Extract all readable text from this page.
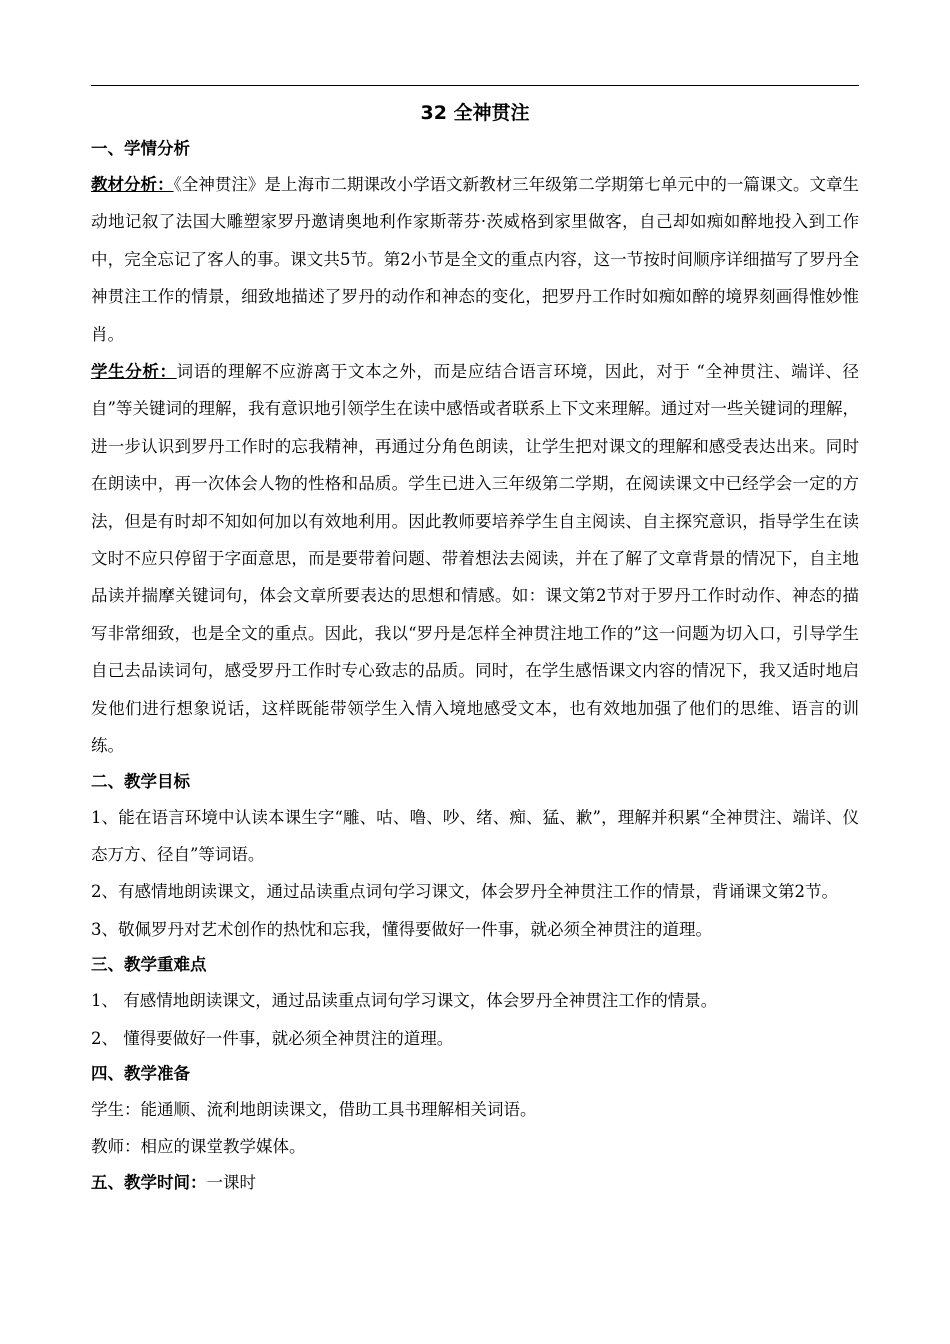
32 全神贯注

一、学情分析

教材分析：《全神贯注》是上海市二期课改小学语文新教材三年级第二学期第七单元中的一篇课文。文章生动地记叙了法国大雕塑家罗丹邀请奥地利作家斯蒂芬·茨威格到家里做客，自己却如痴如醉地投入到工作中，完全忘记了客人的事。课文共5节。第2小节是全文的重点内容，这一节按时间顺序详细描写了罗丹全神贯注工作的情景，细致地描述了罗丹的动作和神态的变化，把罗丹工作时如痴如醉的境界刻画得惟妙惟肖。

学生分析：词语的理解不应游离于文本之外，而是应结合语言环境，因此，对于 “全神贯注、端详、径自”等关键词的理解，我有意识地引领学生在读中感悟或者联系上下文来理解。通过对一些关键词的理解，进一步认识到罗丹工作时的忘我精神，再通过分角色朗读，让学生把对课文的理解和感受表达出来。同时在朗读中，再一次体会人物的性格和品质。学生已进入三年级第二学期，在阅读课文中已经学会一定的方法，但是有时却不知如何加以有效地利用。因此教师要培养学生自主阅读、自主探究意识，指导学生在读文时不应只停留于字面意思，而是要带着问题、带着想法去阅读，并在了解了文章背景的情况下，自主地品读并揣摩关键词句，体会文章所要表达的思想和情感。如：课文第2节对于罗丹工作时动作、神态的描写非常细致，也是全文的重点。因此，我以“罗丹是怎样全神贯注地工作的”这一问题为切入口，引导学生自己去品读词句，感受罗丹工作时专心致志的品质。同时，在学生感悟课文内容的情况下，我又适时地启发他们进行想象说话，这样既能带领学生入情入境地感受文本，也有效地加强了他们的思维、语言的训练。

二、教学目标

1、能在语言环境中认读本课生字“雕、咕、噜、吵、绪、痴、猛、歉”，理解并积累“全神贯注、端详、仪态万方、径自”等词语。

2、有感情地朗读课文，通过品读重点词句学习课文，体会罗丹全神贯注工作的情景，背诵课文第2节。

3、敬佩罗丹对艺术创作的热忱和忘我，懂得要做好一件事，就必须全神贯注的道理。

三、教学重难点

1、 有感情地朗读课文，通过品读重点词句学习课文，体会罗丹全神贯注工作的情景。

2、 懂得要做好一件事，就必须全神贯注的道理。

四、教学准备

学生：能通顺、流利地朗读课文，借助工具书理解相关词语。

教师：相应的课堂教学媒体。

五、教学时间：一课时
